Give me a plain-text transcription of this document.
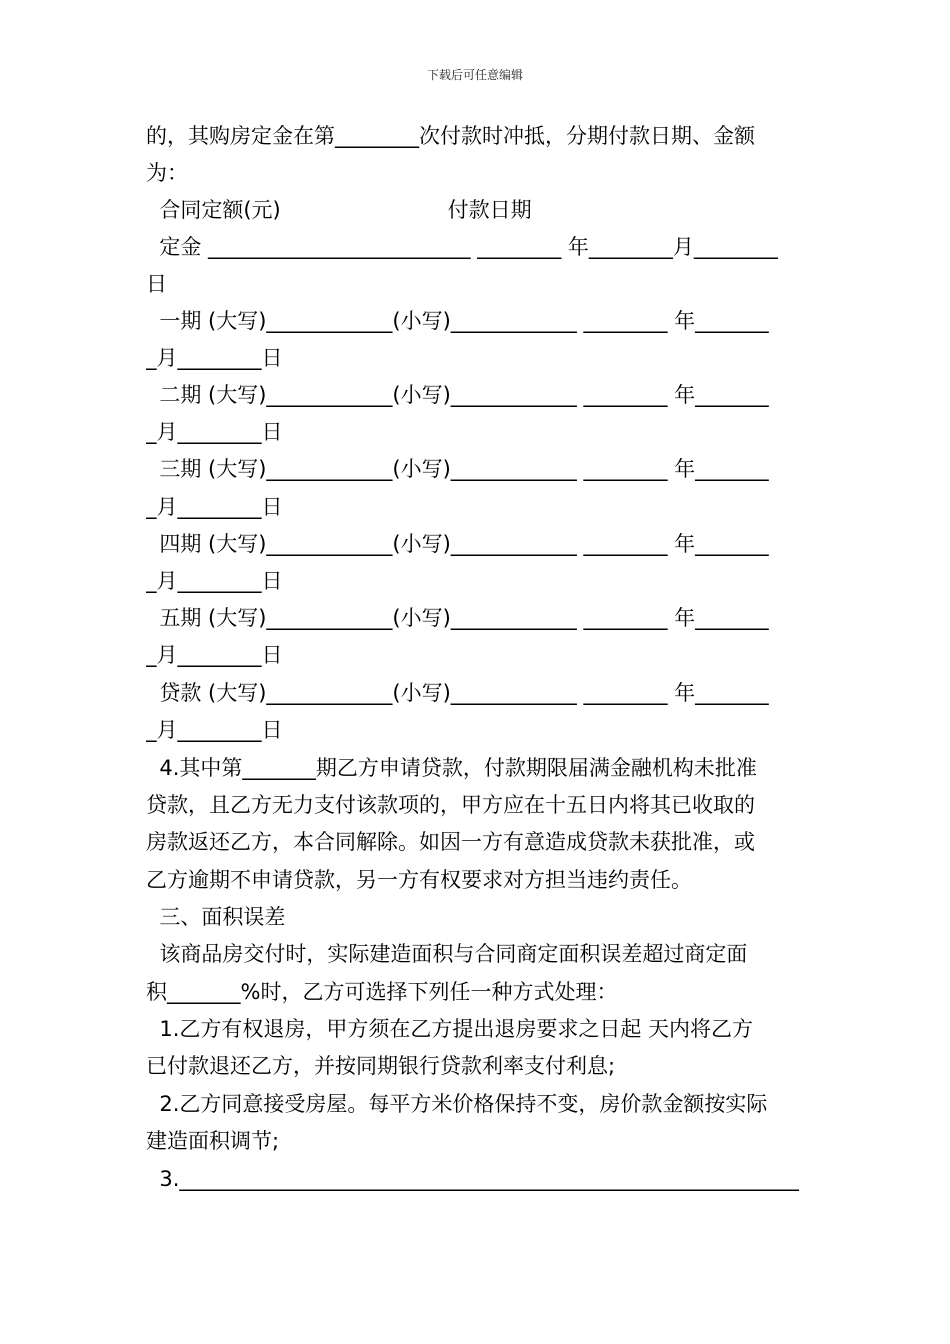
下载后可任意编辑
的，其购房定金在第________次付款时冲抵，分期付款日期、金额
为：
合同定额(元)                         付款日期
定金 _________________________ ________ 年________月________
日
一期 (大写)____________(小写)____________ ________ 年_______
_月________日
二期 (大写)____________(小写)____________ ________ 年_______
_月________日
三期 (大写)____________(小写)____________ ________ 年_______
_月________日
四期 (大写)____________(小写)____________ ________ 年_______
_月________日
五期 (大写)____________(小写)____________ ________ 年_______
_月________日
贷款 (大写)____________(小写)____________ ________ 年_______
_月________日
4.其中第_______期乙方申请贷款，付款期限届满金融机构未批准
贷款，且乙方无力支付该款项的，甲方应在十五日内将其已收取的
房款返还乙方，本合同解除。如因一方有意造成贷款未获批准，或
乙方逾期不申请贷款，另一方有权要求对方担当违约责任。
三、面积误差
该商品房交付时，实际建造面积与合同商定面积误差超过商定面
积_______%时，乙方可选择下列任一种方式处理：
1.乙方有权退房，甲方须在乙方提出退房要求之日起 天内将乙方
已付款退还乙方，并按同期银行贷款利率支付利息;
2.乙方同意接受房屋。每平方米价格保持不变，房价款金额按实际
建造面积调节;
3.___________________________________________________________
